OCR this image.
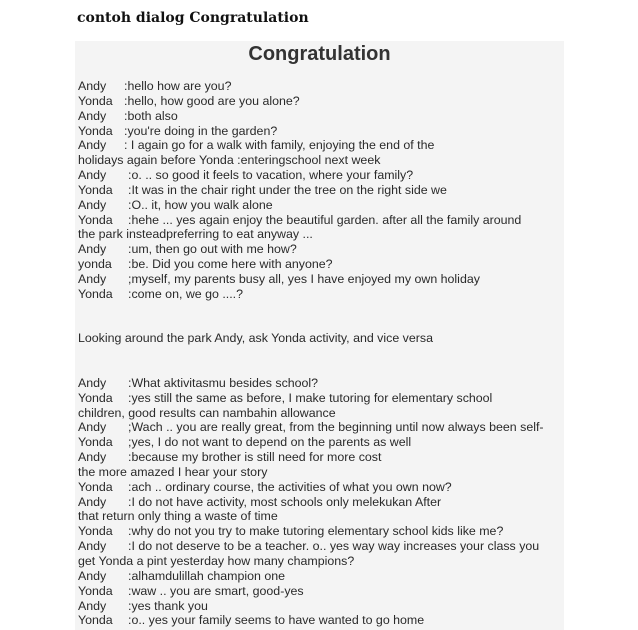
contoh dialog Congratulation
Congratulation
Andy :hello how are you?
Yonda :hello, how good are you alone?
Andy :both also
Yonda :you're doing in the garden?
Andy : I again go for a walk with family, enjoying the end of the
holidays again before Yonda :enteringschool next week
Andy :o. .. so good it feels to vacation, where your family?
Yonda :It was in the chair right under the tree on the right side we
Andy :O.. it, how you walk alone
Yonda :hehe ... yes again enjoy the beautiful garden. after all the family around
the park insteadpreferring to eat anyway ...
Andy :um, then go out with me how?
yonda :be. Did you come here with anyone?
Andy ;myself, my parents busy all, yes I have enjoyed my own holiday
Yonda :come on, we go ....?
Looking around the park Andy, ask Yonda activity, and vice versa
Andy :What aktivitasmu besides school?
Yonda :yes still the same as before, I make tutoring for elementary school
children, good results can nambahin allowance
Andy ;Wach .. you are really great, from the beginning until now always been self-
Yonda ;yes, I do not want to depend on the parents as well
Andy :because my brother is still need for more cost
the more amazed I hear your story
Yonda :ach .. ordinary course, the activities of what you own now?
Andy :I do not have activity, most schools only melekukan After
that return only thing a waste of time
Yonda :why do not you try to make tutoring elementary school kids like me?
Andy :I do not deserve to be a teacher. o.. yes way way increases your class you
get Yonda a pint yesterday how many champions?
Andy :alhamdulillah champion one
Yonda :waw .. you are smart, good-yes
Andy :yes thank you
Yonda :o.. yes your family seems to have wanted to go home
